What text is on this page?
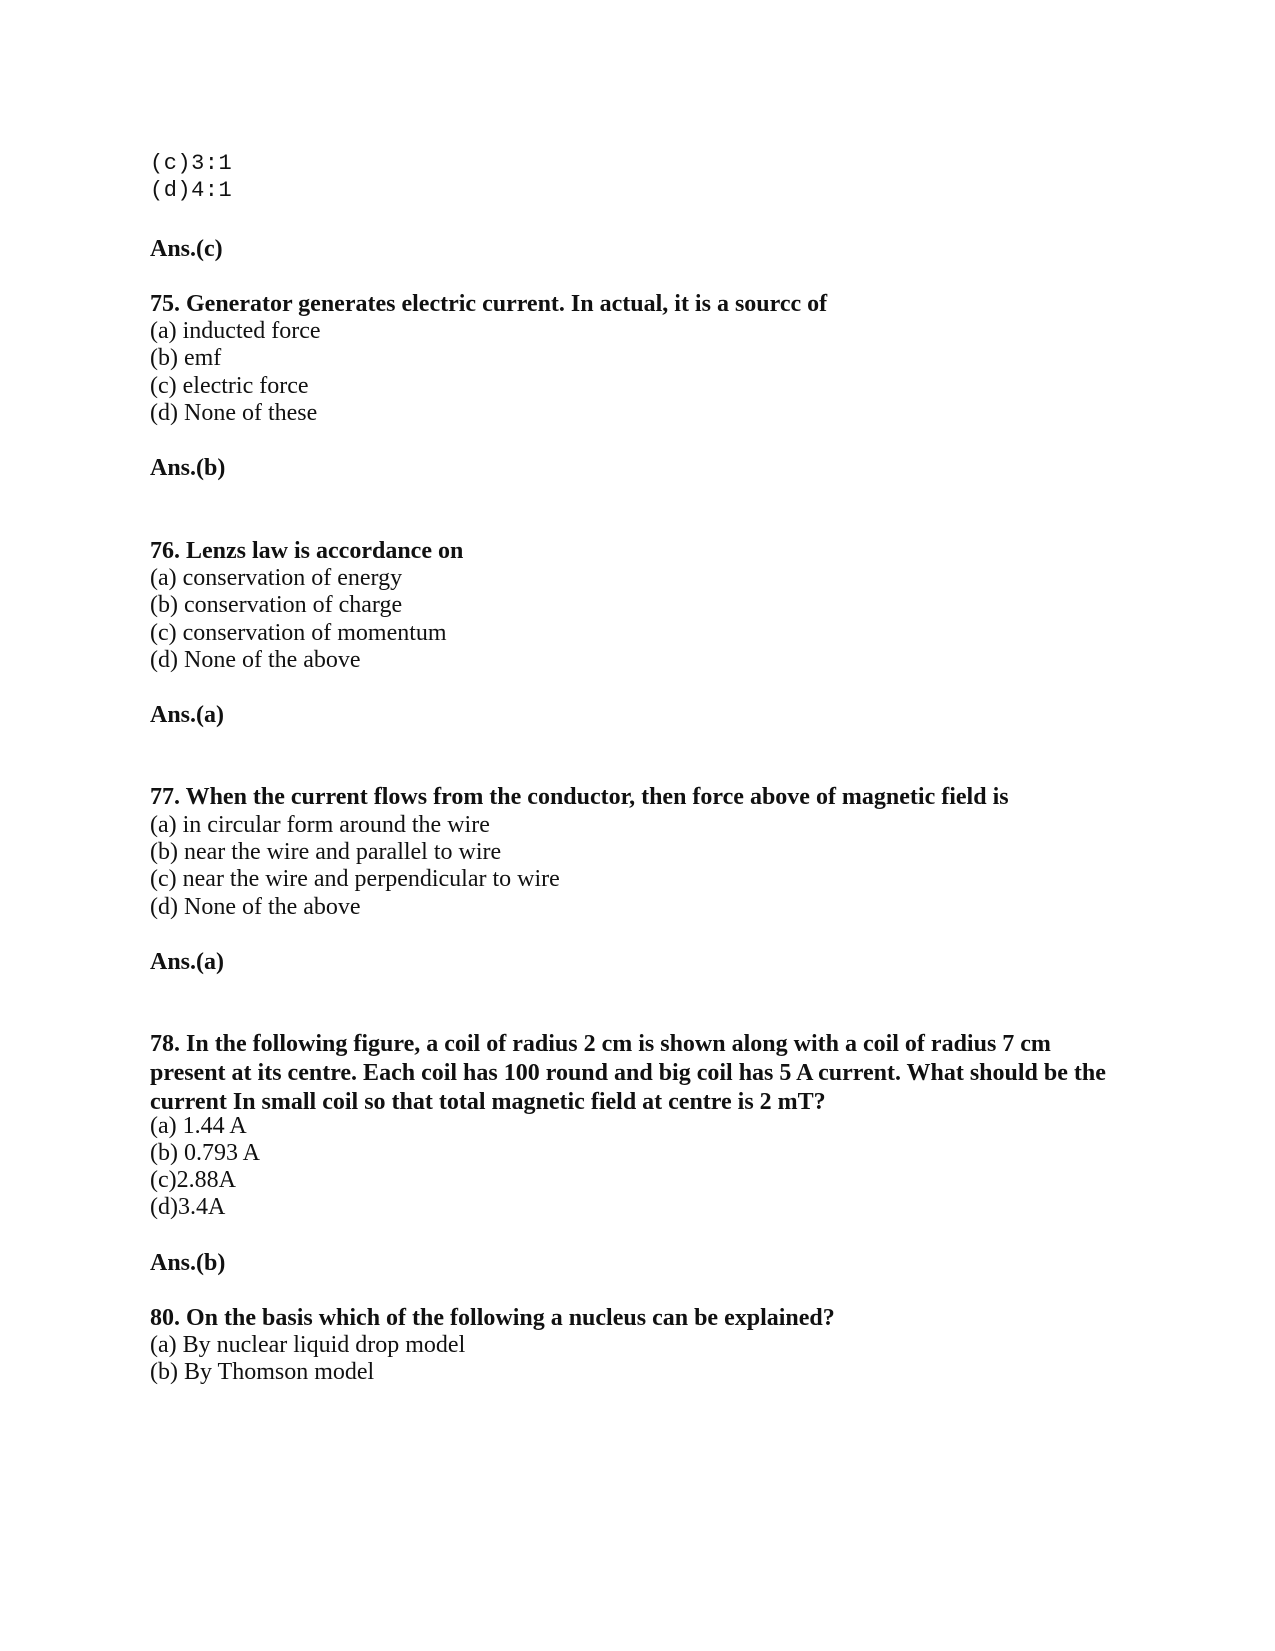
(c)3:1
(d)4:1
Ans.(c)
75. Generator generates electric current. In actual, it is a sourcc of
(a) inducted force
(b) emf
(c) electric force
(d) None of these
Ans.(b)
76. Lenzs law is accordance on
(a) conservation of energy
(b) conservation of charge
(c) conservation of momentum
(d) None of the above
Ans.(a)
77. When the current flows from the conductor, then force above of magnetic field is
(a) in circular form around the wire
(b) near the wire and parallel to wire
(c) near the wire and perpendicular to wire
(d) None of the above
Ans.(a)
78. In the following figure, a coil of radius 2 cm is shown along with a coil of radius 7 cm present at its centre. Each coil has 100 round and big coil has 5 A current. What should be the current In small coil so that total magnetic field at centre is 2 mT?
(a) 1.44 A
(b) 0.793 A
(c)2.88A
(d)3.4A
Ans.(b)
80. On the basis which of the following a nucleus can be explained?
(a) By nuclear liquid drop model
(b) By Thomson model
